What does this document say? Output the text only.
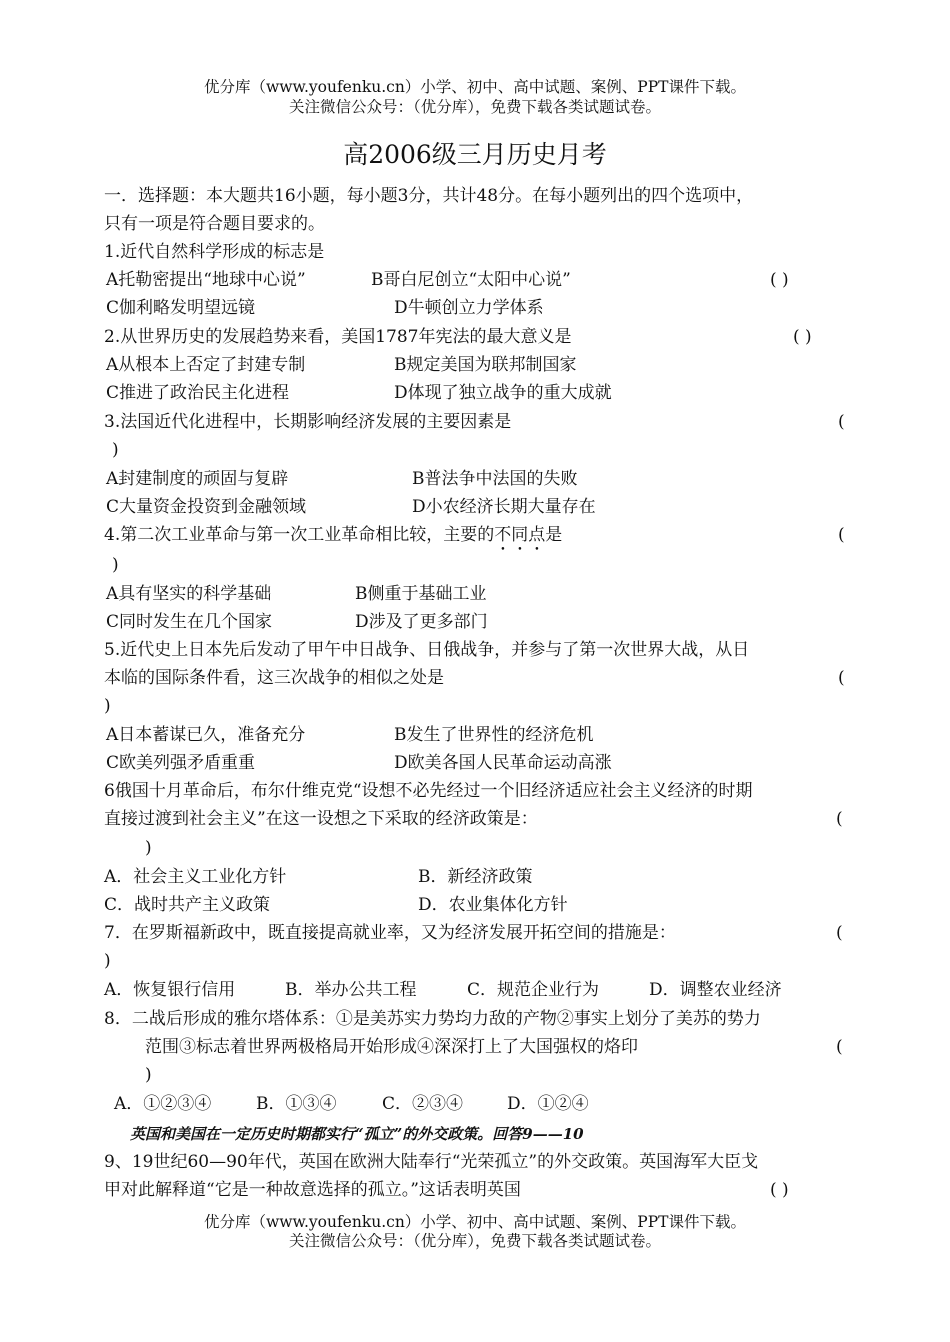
优分库（www.youfenku.cn）小学、初中、高中试题、案例、PPT课件下载。
关注微信公众号：（优分库），免费下载各类试题试卷。
高2006级三月历史月考
一．选择题：本大题共16小题，每小题3分，共计48分。在每小题列出的四个选项中，
只有一项是符合题目要求的。
1.近代自然科学形成的标志是
A托勒密提出“地球中心说”	B哥白尼创立“太阳中心说”	( )
C伽利略发明望远镜	D牛顿创立力学体系
2.从世界历史的发展趋势来看，美国1787年宪法的最大意义是	( )
A从根本上否定了封建专制	B规定美国为联邦制国家
C推进了政治民主化进程	D体现了独立战争的重大成就
3.法国近代化进程中，长期影响经济发展的主要因素是	(
)
A封建制度的顽固与复辟	B普法争中法国的失败
C大量资金投资到金融领域	D小农经济长期大量存在
4.第二次工业革命与第一次工业革命相比较，主要的不同点是	(
)
A具有坚实的科学基础	B侧重于基础工业
C同时发生在几个国家	D涉及了更多部门
5.近代史上日本先后发动了甲午中日战争、日俄战争，并参与了第一次世界大战，从日
本临的国际条件看，这三次战争的相似之处是	(
)
A日本蓄谋已久，准备充分	B发生了世界性的经济危机
C欧美列强矛盾重重	D欧美各国人民革命运动高涨
6俄国十月革命后，布尔什维克党“设想不必先经过一个旧经济适应社会主义经济的时期
直接过渡到社会主义”在这一设想之下采取的经济政策是：	(
)
A．社会主义工业化方针	B．新经济政策
C．战时共产主义政策	D．农业集体化方针
7．在罗斯福新政中，既直接提高就业率，又为经济发展开拓空间的措施是：	(
)
A．恢复银行信用	B．举办公共工程	C．规范企业行为	D．调整农业经济
8．二战后形成的雅尔塔体系：①是美苏实力势均力敌的产物②事实上划分了美苏的势力
范围③标志着世界两极格局开始形成④深深打上了大国强权的烙印	(
)
A．①②③④	B．①③④	C．②③④	D．①②④
英国和美国在一定历史时期都实行“孤立”的外交政策。回答9——10
9、19世纪60—90年代，英国在欧洲大陆奉行“光荣孤立”的外交政策。英国海军大臣戈
甲对此解释道“它是一种故意选择的孤立。”这话表明英国	( )
优分库（www.youfenku.cn）小学、初中、高中试题、案例、PPT课件下载。
关注微信公众号：（优分库），免费下载各类试题试卷。
